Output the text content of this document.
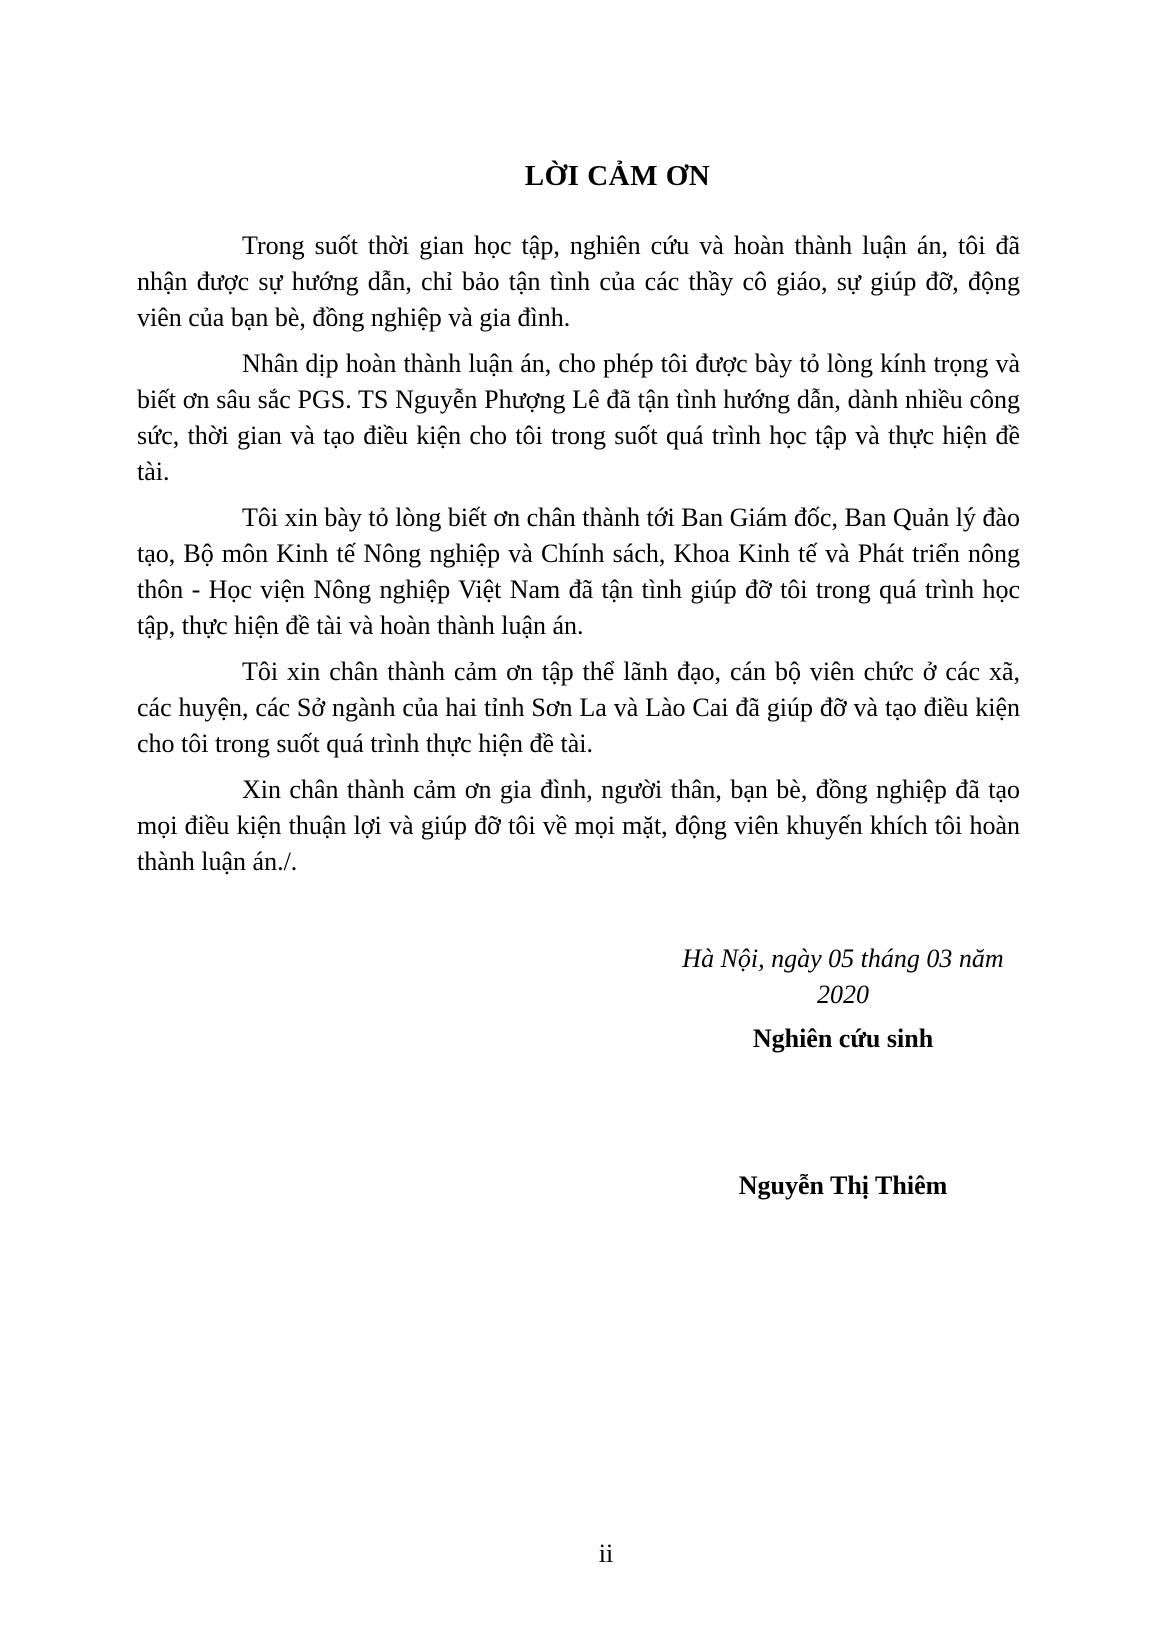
LỜI CẢM ƠN

Trong suốt thời gian học tập, nghiên cứu và hoàn thành luận án, tôi đã nhận được sự hướng dẫn, chỉ bảo tận tình của các thầy cô giáo, sự giúp đỡ, động viên của bạn bè, đồng nghiệp và gia đình.

Nhân dịp hoàn thành luận án, cho phép tôi được bày tỏ lòng kính trọng và biết ơn sâu sắc PGS. TS Nguyễn Phượng Lê đã tận tình hướng dẫn, dành nhiều công sức, thời gian và tạo điều kiện cho tôi trong suốt quá trình học tập và thực hiện đề tài.

Tôi xin bày tỏ lòng biết ơn chân thành tới Ban Giám đốc, Ban Quản lý đào tạo, Bộ môn Kinh tế Nông nghiệp và Chính sách, Khoa Kinh tế và Phát triển nông thôn - Học viện Nông nghiệp Việt Nam đã tận tình giúp đỡ tôi trong quá trình học tập, thực hiện đề tài và hoàn thành luận án.

Tôi xin chân thành cảm ơn tập thể lãnh đạo, cán bộ viên chức ở các xã, các huyện, các Sở ngành của hai tỉnh Sơn La và Lào Cai đã giúp đỡ và tạo điều kiện cho tôi trong suốt quá trình thực hiện đề tài.

Xin chân thành cảm ơn gia đình, người thân, bạn bè, đồng nghiệp đã tạo mọi điều kiện thuận lợi và giúp đỡ tôi về mọi mặt, động viên khuyến khích tôi hoàn thành luận án./.

Hà Nội, ngày 05 tháng 03 năm 2020
Nghiên cứu sinh
Nguyễn Thị Thiêm
ii
